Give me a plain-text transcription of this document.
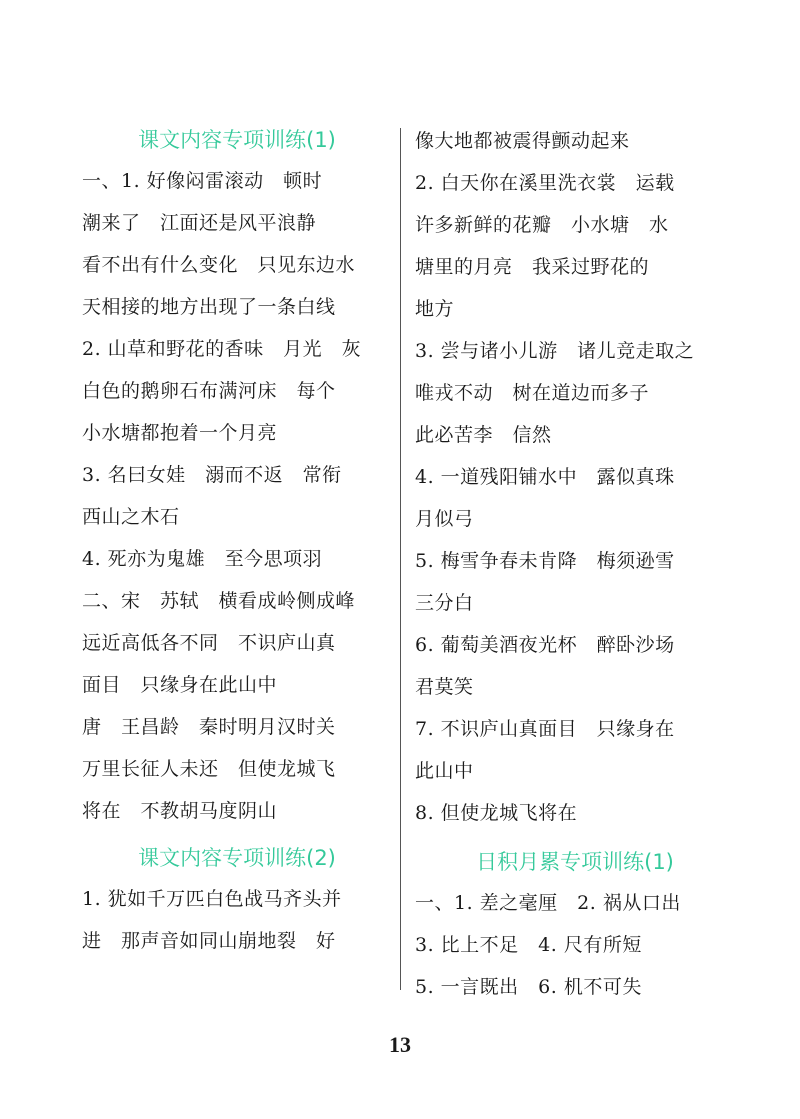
课文内容专项训练(1)
一、1. 好像闷雷滚动　顿时
潮来了　江面还是风平浪静
看不出有什么变化　只见东边水
天相接的地方出现了一条白线
2. 山草和野花的香味　月光　灰
白色的鹅卵石布满河床　每个
小水塘都抱着一个月亮
3. 名曰女娃　溺而不返　常衔
西山之木石
4. 死亦为鬼雄　至今思项羽
二、宋　苏轼　横看成岭侧成峰
远近高低各不同　不识庐山真
面目　只缘身在此山中
唐　王昌龄　秦时明月汉时关
万里长征人未还　但使龙城飞
将在　不教胡马度阴山
课文内容专项训练(2)
1. 犹如千万匹白色战马齐头并
进　那声音如同山崩地裂　好
像大地都被震得颤动起来
2. 白天你在溪里洗衣裳　运载
许多新鲜的花瓣　小水塘　水
塘里的月亮　我采过野花的
地方
3. 尝与诸小儿游　诸儿竞走取之
唯戎不动　树在道边而多子
此必苦李　信然
4. 一道残阳铺水中　露似真珠
月似弓
5. 梅雪争春未肯降　梅须逊雪
三分白
6. 葡萄美酒夜光杯　醉卧沙场
君莫笑
7. 不识庐山真面目　只缘身在
此山中
8. 但使龙城飞将在
日积月累专项训练(1)
一、1. 差之毫厘　2. 祸从口出
3. 比上不足　4. 尺有所短
5. 一言既出　6. 机不可失
13
